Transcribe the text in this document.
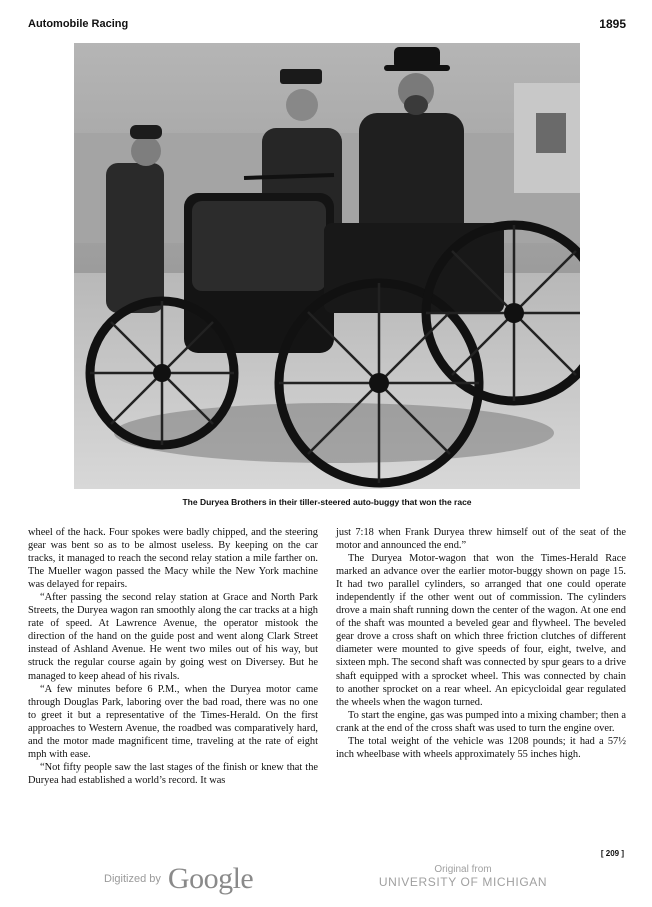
Automobile Racing	1895
The Duryea Brothers in their tiller-steered auto-buggy that won the race

wheel of the hack. Four spokes were badly chipped, and the steering gear was bent so as to be almost useless. By keeping on the car tracks, it managed to reach the second relay station a mile farther on. The Mueller wagon passed the Macy while the New York machine was delayed for repairs.

“After passing the second relay station at Grace and North Park Streets, the Duryea wagon ran smoothly along the car tracks at a high rate of speed. At Lawrence Avenue, the operator mistook the direction of the hand on the guide post and went along Clark Street instead of Ashland Avenue. He went two miles out of his way, but struck the regular course again by going west on Diversey. But he managed to keep ahead of his rivals.

“A few minutes before 6 P.M., when the Duryea motor came through Douglas Park, laboring over the bad road, there was no one to greet it but a representative of the Times-Herald. On the first approaches to Western Avenue, the roadbed was comparatively hard, and the motor made magnificent time, traveling at the rate of eight mph with ease.

“Not fifty people saw the last stages of the finish or knew that the Duryea had established a world’s record. It was

just 7:18 when Frank Duryea threw himself out of the seat of the motor and announced the end.”

The Duryea Motor-wagon that won the Times-Herald Race marked an advance over the earlier motor-buggy shown on page 15. It had two parallel cylinders, so arranged that one could operate independently if the other went out of commission. The cylinders drove a main shaft running down the center of the wagon. At one end of the shaft was mounted a beveled gear and flywheel. The beveled gear drove a cross shaft on which three friction clutches of different diameter were mounted to give speeds of four, eight, twelve, and sixteen mph. The second shaft was connected by spur gears to a drive shaft equipped with a sprocket wheel. This was connected by chain to another sprocket on a rear wheel. An epicycloidal gear regulated the wheels when the wagon turned.

To start the engine, gas was pumped into a mixing chamber; then a crank at the end of the cross shaft was used to turn the engine over.

The total weight of the vehicle was 1208 pounds; it had a 57½ inch wheelbase with wheels approximately 55 inches high.

[ 209 ]
Digitized by Google	Original from
UNIVERSITY OF MICHIGAN
